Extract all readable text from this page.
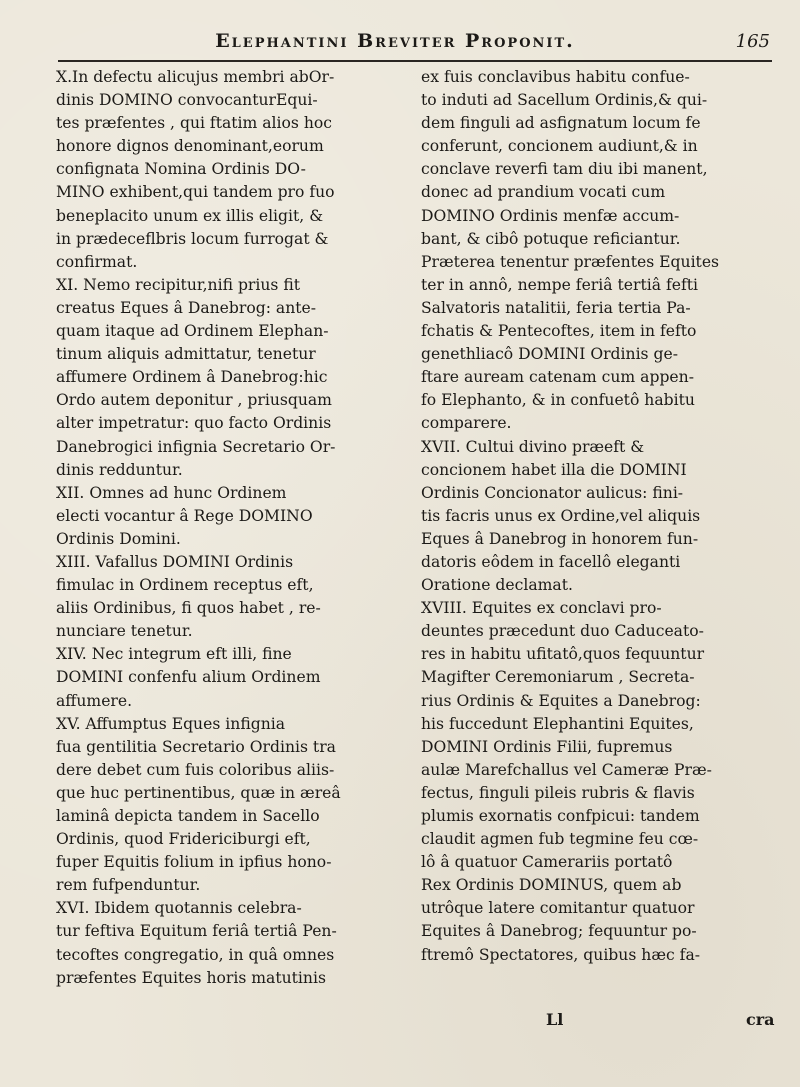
Elephantini Breviter Proponit.	165
X.In defectu alicujus membri abOr-
dinis DOMINO convocanturEqui-
tes præfentes , qui ftatim alios hoc
honore dignos denominant,eorum
confignata Nomina Ordinis DO-
MINO exhibent,qui tandem pro fuo
beneplacito unum ex illis eligit, &
in prædeceflbris locum furrogat &
confirmat.
XI. Nemo recipitur,nifi prius fit
creatus Eques â Danebrog: ante-
quam itaque ad Ordinem Elephan-
tinum aliquis admittatur, tenetur
affumere Ordinem â Danebrog:hic
Ordo autem deponitur , priusquam
alter impetratur: quo facto Ordinis
Danebrogici infignia Secretario Or-
dinis redduntur.
XII. Omnes ad hunc Ordinem
electi vocantur â Rege DOMINO
Ordinis Domini.
XIII. Vafallus DOMINI Ordinis
fimulac in Ordinem receptus eft,
aliis Ordinibus, fi quos habet , re-
nunciare tenetur.
XIV. Nec integrum eft illi, fine
DOMINI confenfu alium Ordinem
affumere.
XV. Affumptus Eques infignia
fua gentilitia Secretario Ordinis tra
dere debet cum fuis coloribus aliis-
que huc pertinentibus, quæ in æreâ
laminâ depicta tandem in Sacello
Ordinis, quod Fridericiburgi eft,
fuper Equitis folium in ipfius hono-
rem fufpenduntur.
XVI. Ibidem quotannis celebra-
tur feftiva Equitum feriâ tertiâ Pen-
tecoftes congregatio, in quâ omnes
præfentes Equites horis matutinis
ex fuis conclavibus habitu confue-
to induti ad Sacellum Ordinis,& qui-
dem finguli ad asfignatum locum fe
conferunt, concionem audiunt,& in
conclave reverfi tam diu ibi manent,
donec ad prandium vocati cum
DOMINO Ordinis menfæ accum-
bant, & cibô potuque reficiantur.
Præterea tenentur præfentes Equites
ter in annô, nempe feriâ tertiâ fefti
Salvatoris natalitii, feria tertia Pa-
fchatis & Pentecoftes, item in fefto
genethliacô DOMINI Ordinis ge-
ftare auream catenam cum appen-
fo Elephanto, & in confuetô habitu
comparere.
XVII. Cultui divino præeft &
concionem habet illa die DOMINI
Ordinis Concionator aulicus: fini-
tis facris unus ex Ordine,vel aliquis
Eques â Danebrog in honorem fun-
datoris eôdem in facellô eleganti
Oratione declamat.
XVIII. Equites ex conclavi pro-
deuntes præcedunt duo Caduceato-
res in habitu ufitatô,quos fequuntur
Magifter Ceremoniarum , Secreta-
rius Ordinis & Equites a Danebrog:
his fuccedunt Elephantini Equites,
DOMINI Ordinis Filii, fupremus
aulæ Marefchallus vel Cameræ Præ-
fectus, finguli pileis rubris & flavis
plumis exornatis confpicui: tandem
claudit agmen fub tegmine feu cœ-
lô â quatuor Camerariis portatô
Rex Ordinis DOMINUS, quem ab
utrôque latere comitantur quatuor
Equites â Danebrog; fequuntur po-
ftremô Spectatores, quibus hæc fa-
Ll	cra
